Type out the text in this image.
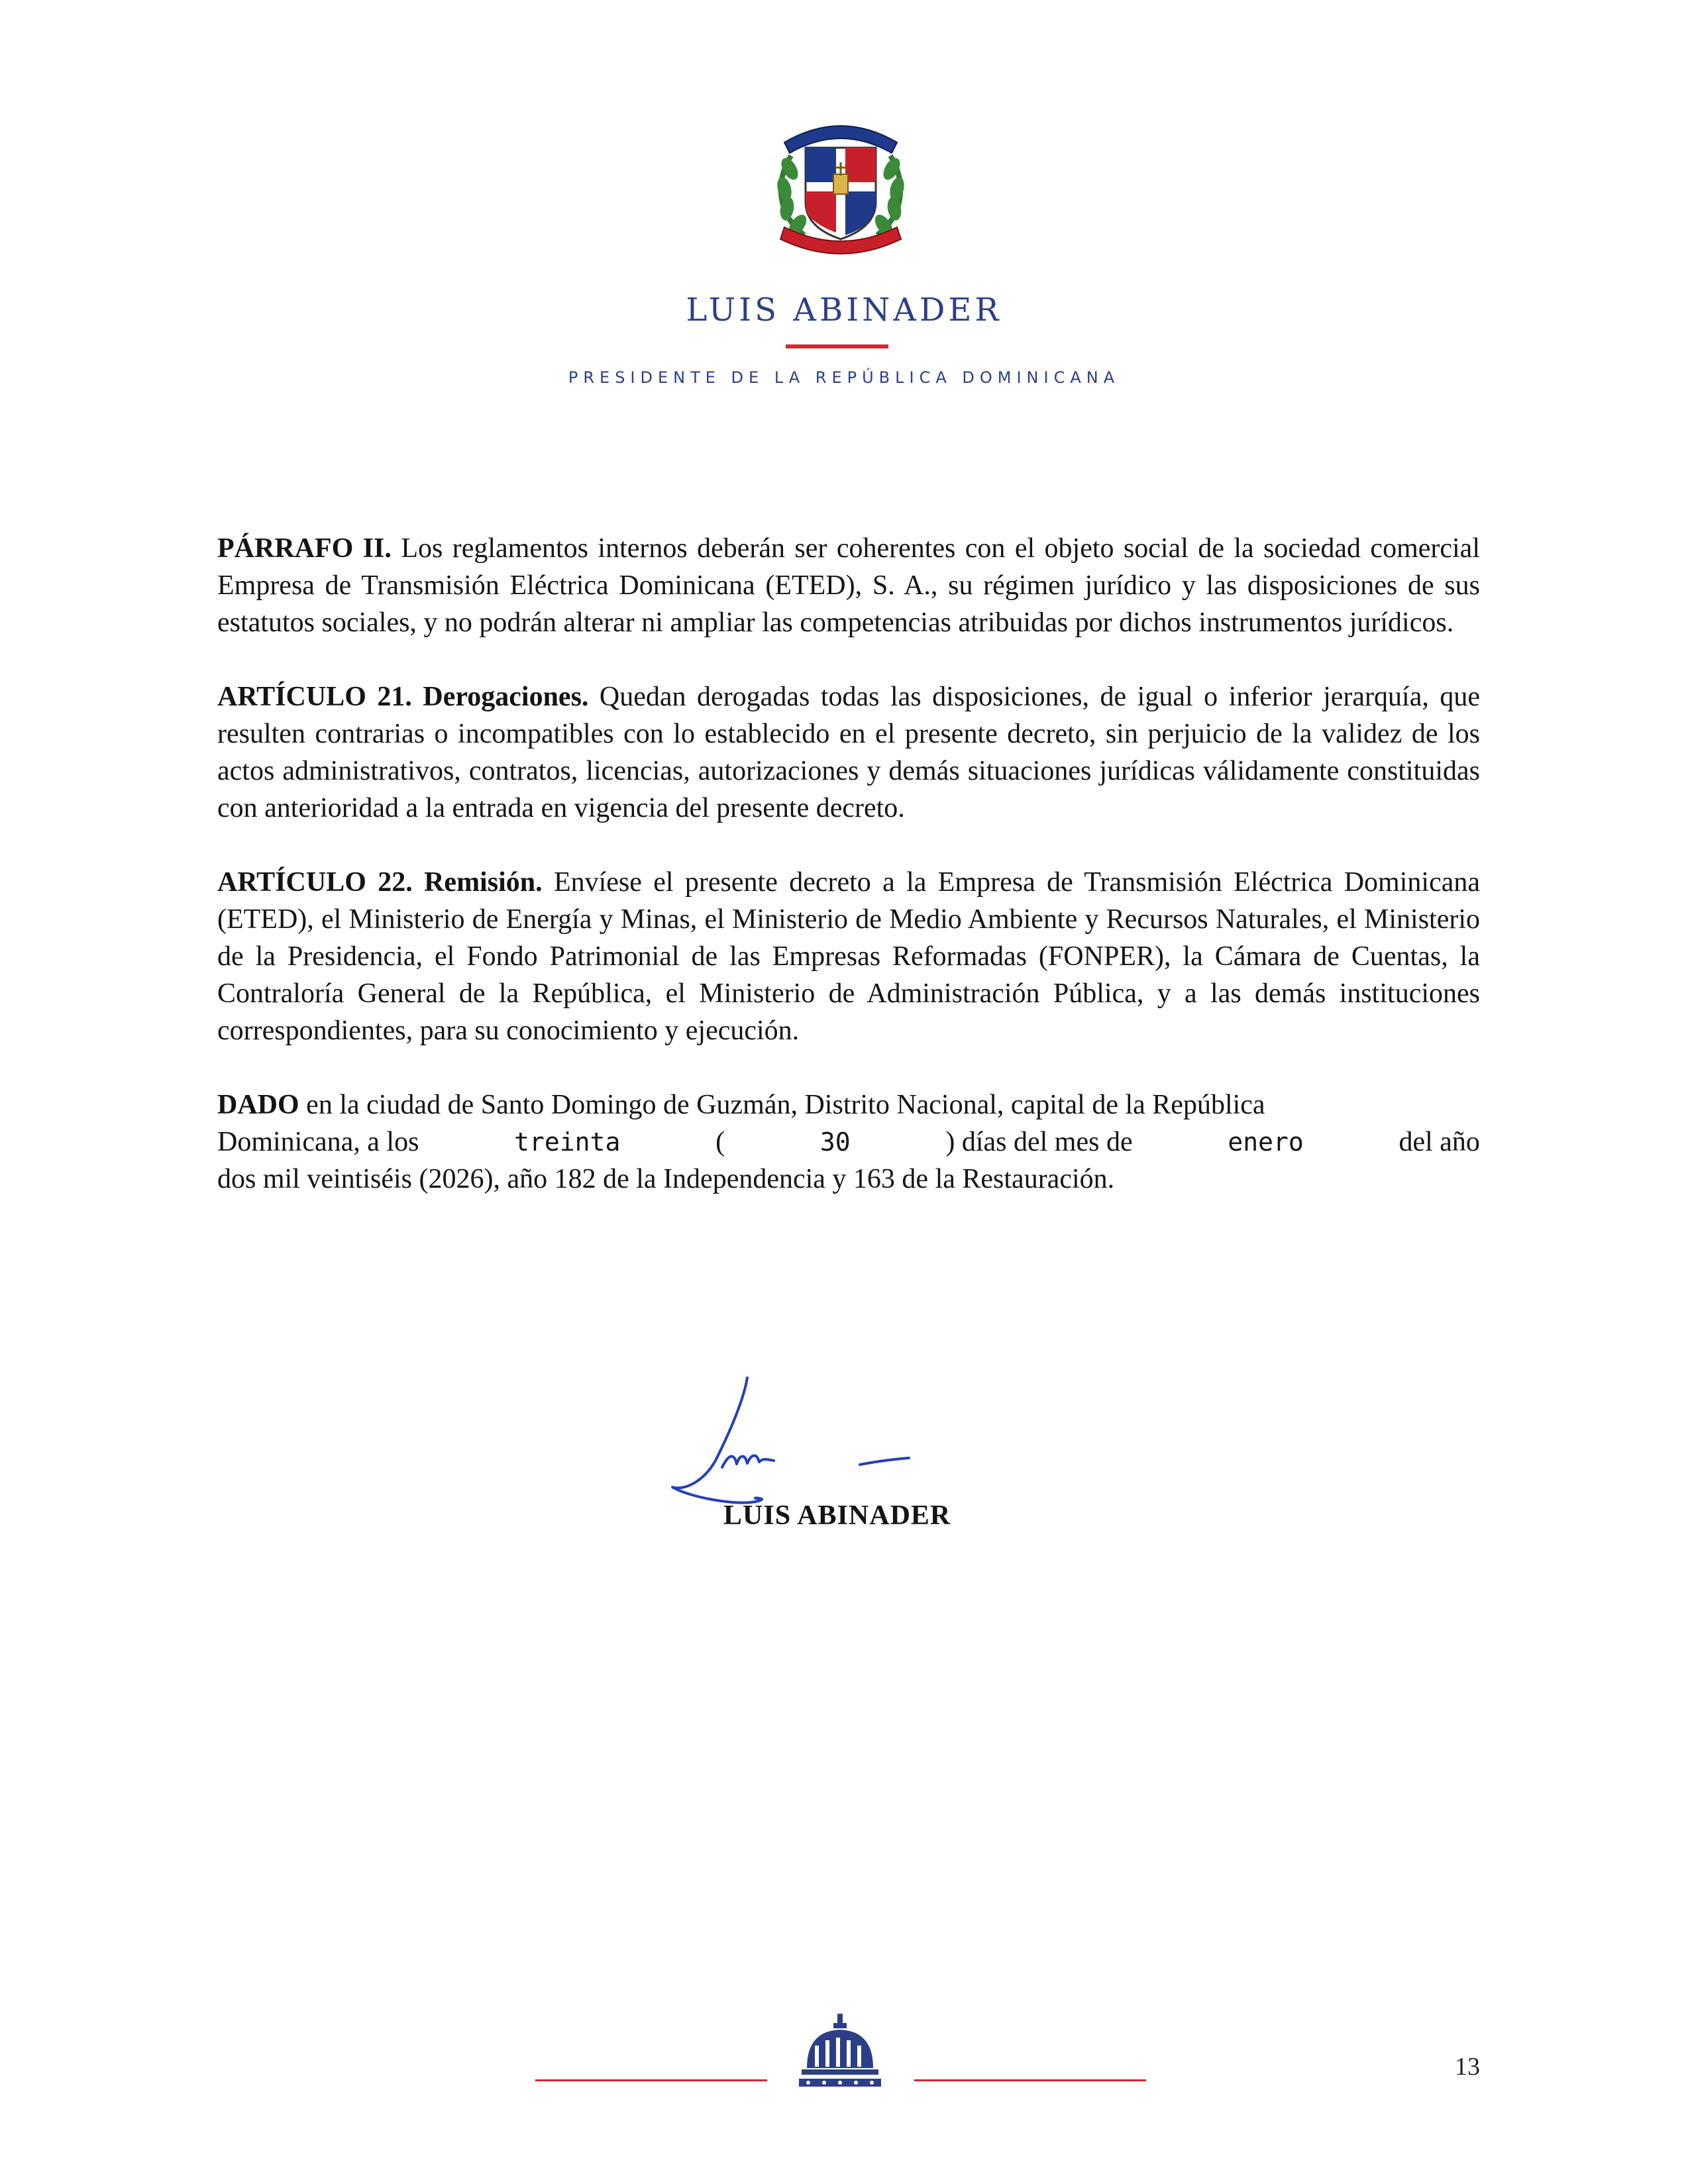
LUIS ABINADER
PRESIDENTE DE LA REPÚBLICA DOMINICANA

PÁRRAFO II. Los reglamentos internos deberán ser coherentes con el objeto social de la sociedad comercial Empresa de Transmisión Eléctrica Dominicana (ETED), S. A., su régimen jurídico y las disposiciones de sus estatutos sociales, y no podrán alterar ni ampliar las competencias atribuidas por dichos instrumentos jurídicos.

ARTÍCULO 21. Derogaciones. Quedan derogadas todas las disposiciones, de igual o inferior jerarquía, que resulten contrarias o incompatibles con lo establecido en el presente decreto, sin perjuicio de la validez de los actos administrativos, contratos, licencias, autorizaciones y demás situaciones jurídicas válidamente constituidas con anterioridad a la entrada en vigencia del presente decreto.

ARTÍCULO 22. Remisión. Envíese el presente decreto a la Empresa de Transmisión Eléctrica Dominicana (ETED), el Ministerio de Energía y Minas, el Ministerio de Medio Ambiente y Recursos Naturales, el Ministerio de la Presidencia, el Fondo Patrimonial de las Empresas Reformadas (FONPER), la Cámara de Cuentas, la Contraloría General de la República, el Ministerio de Administración Pública, y a las demás instituciones correspondientes, para su conocimiento y ejecución.

DADO en la ciudad de Santo Domingo de Guzmán, Distrito Nacional, capital de la República
Dominicana, a los	treinta	(	30	) días del mes de	enero	del año
dos mil veintiséis (2026), año 182 de la Independencia y 163 de la Restauración.

LUIS ABINADER
13
